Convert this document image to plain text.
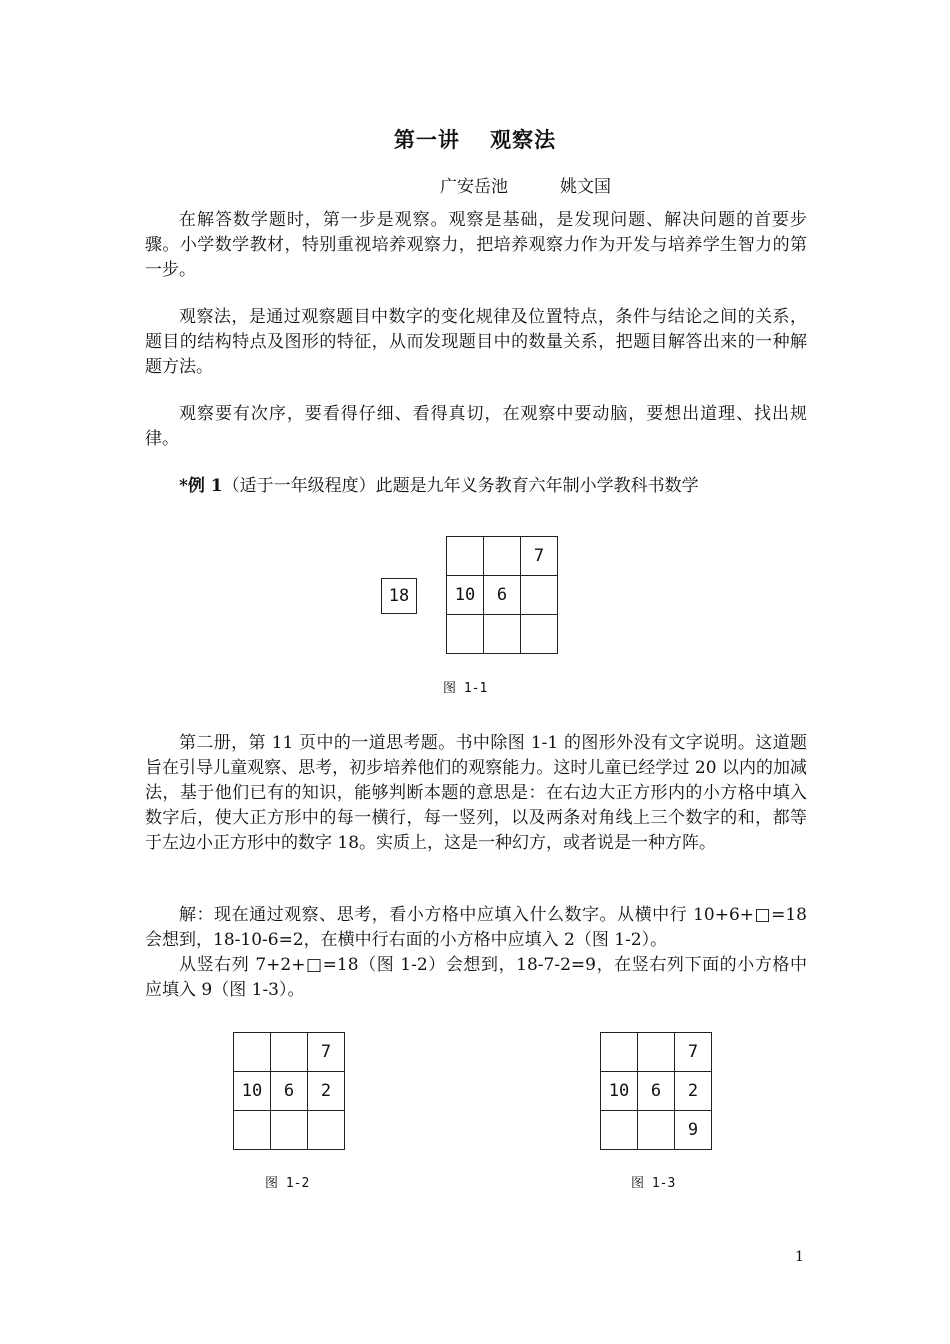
第一讲　 观察法
广安岳池	姚文国

在解答数学题时，第一步是观察。观察是基础，是发现问题、解决问题的首要步骤。小学数学教材，特别重视培养观察力，把培养观察力作为开发与培养学生智力的第一步。

观察法，是通过观察题目中数字的变化规律及位置特点，条件与结论之间的关系，题目的结构特点及图形的特征，从而发现题目中的数量关系，把题目解答出来的一种解题方法。

观察要有次序，要看得仔细、看得真切，在观察中要动脑，要想出道理、找出规律。

*例 1（适于一年级程度）此题是九年义务教育六年制小学教科书数学

18
		7
10	6	

图 1-1

第二册，第 11 页中的一道思考题。书中除图 1-1 的图形外没有文字说明。这道题旨在引导儿童观察、思考，初步培养他们的观察能力。这时儿童已经学过 20 以内的加减法，基于他们已有的知识，能够判断本题的意思是：在右边大正方形内的小方格中填入数字后，使大正方形中的每一横行，每一竖列，以及两条对角线上三个数字的和，都等于左边小正方形中的数字 18。实质上，这是一种幻方，或者说是一种方阵。

解：现在通过观察、思考，看小方格中应填入什么数字。从横中行 10+6+□=18 会想到，18-10-6=2，在横中行右面的小方格中应填入 2（图 1-2）。

从竖右列 7+2+□=18（图 1-2）会想到，18-7-2=9，在竖右列下面的小方格中应填入 9（图 1-3）。

		7
10	6	2

图 1-2
		7
10	6	2
		9
图 1-3
1
